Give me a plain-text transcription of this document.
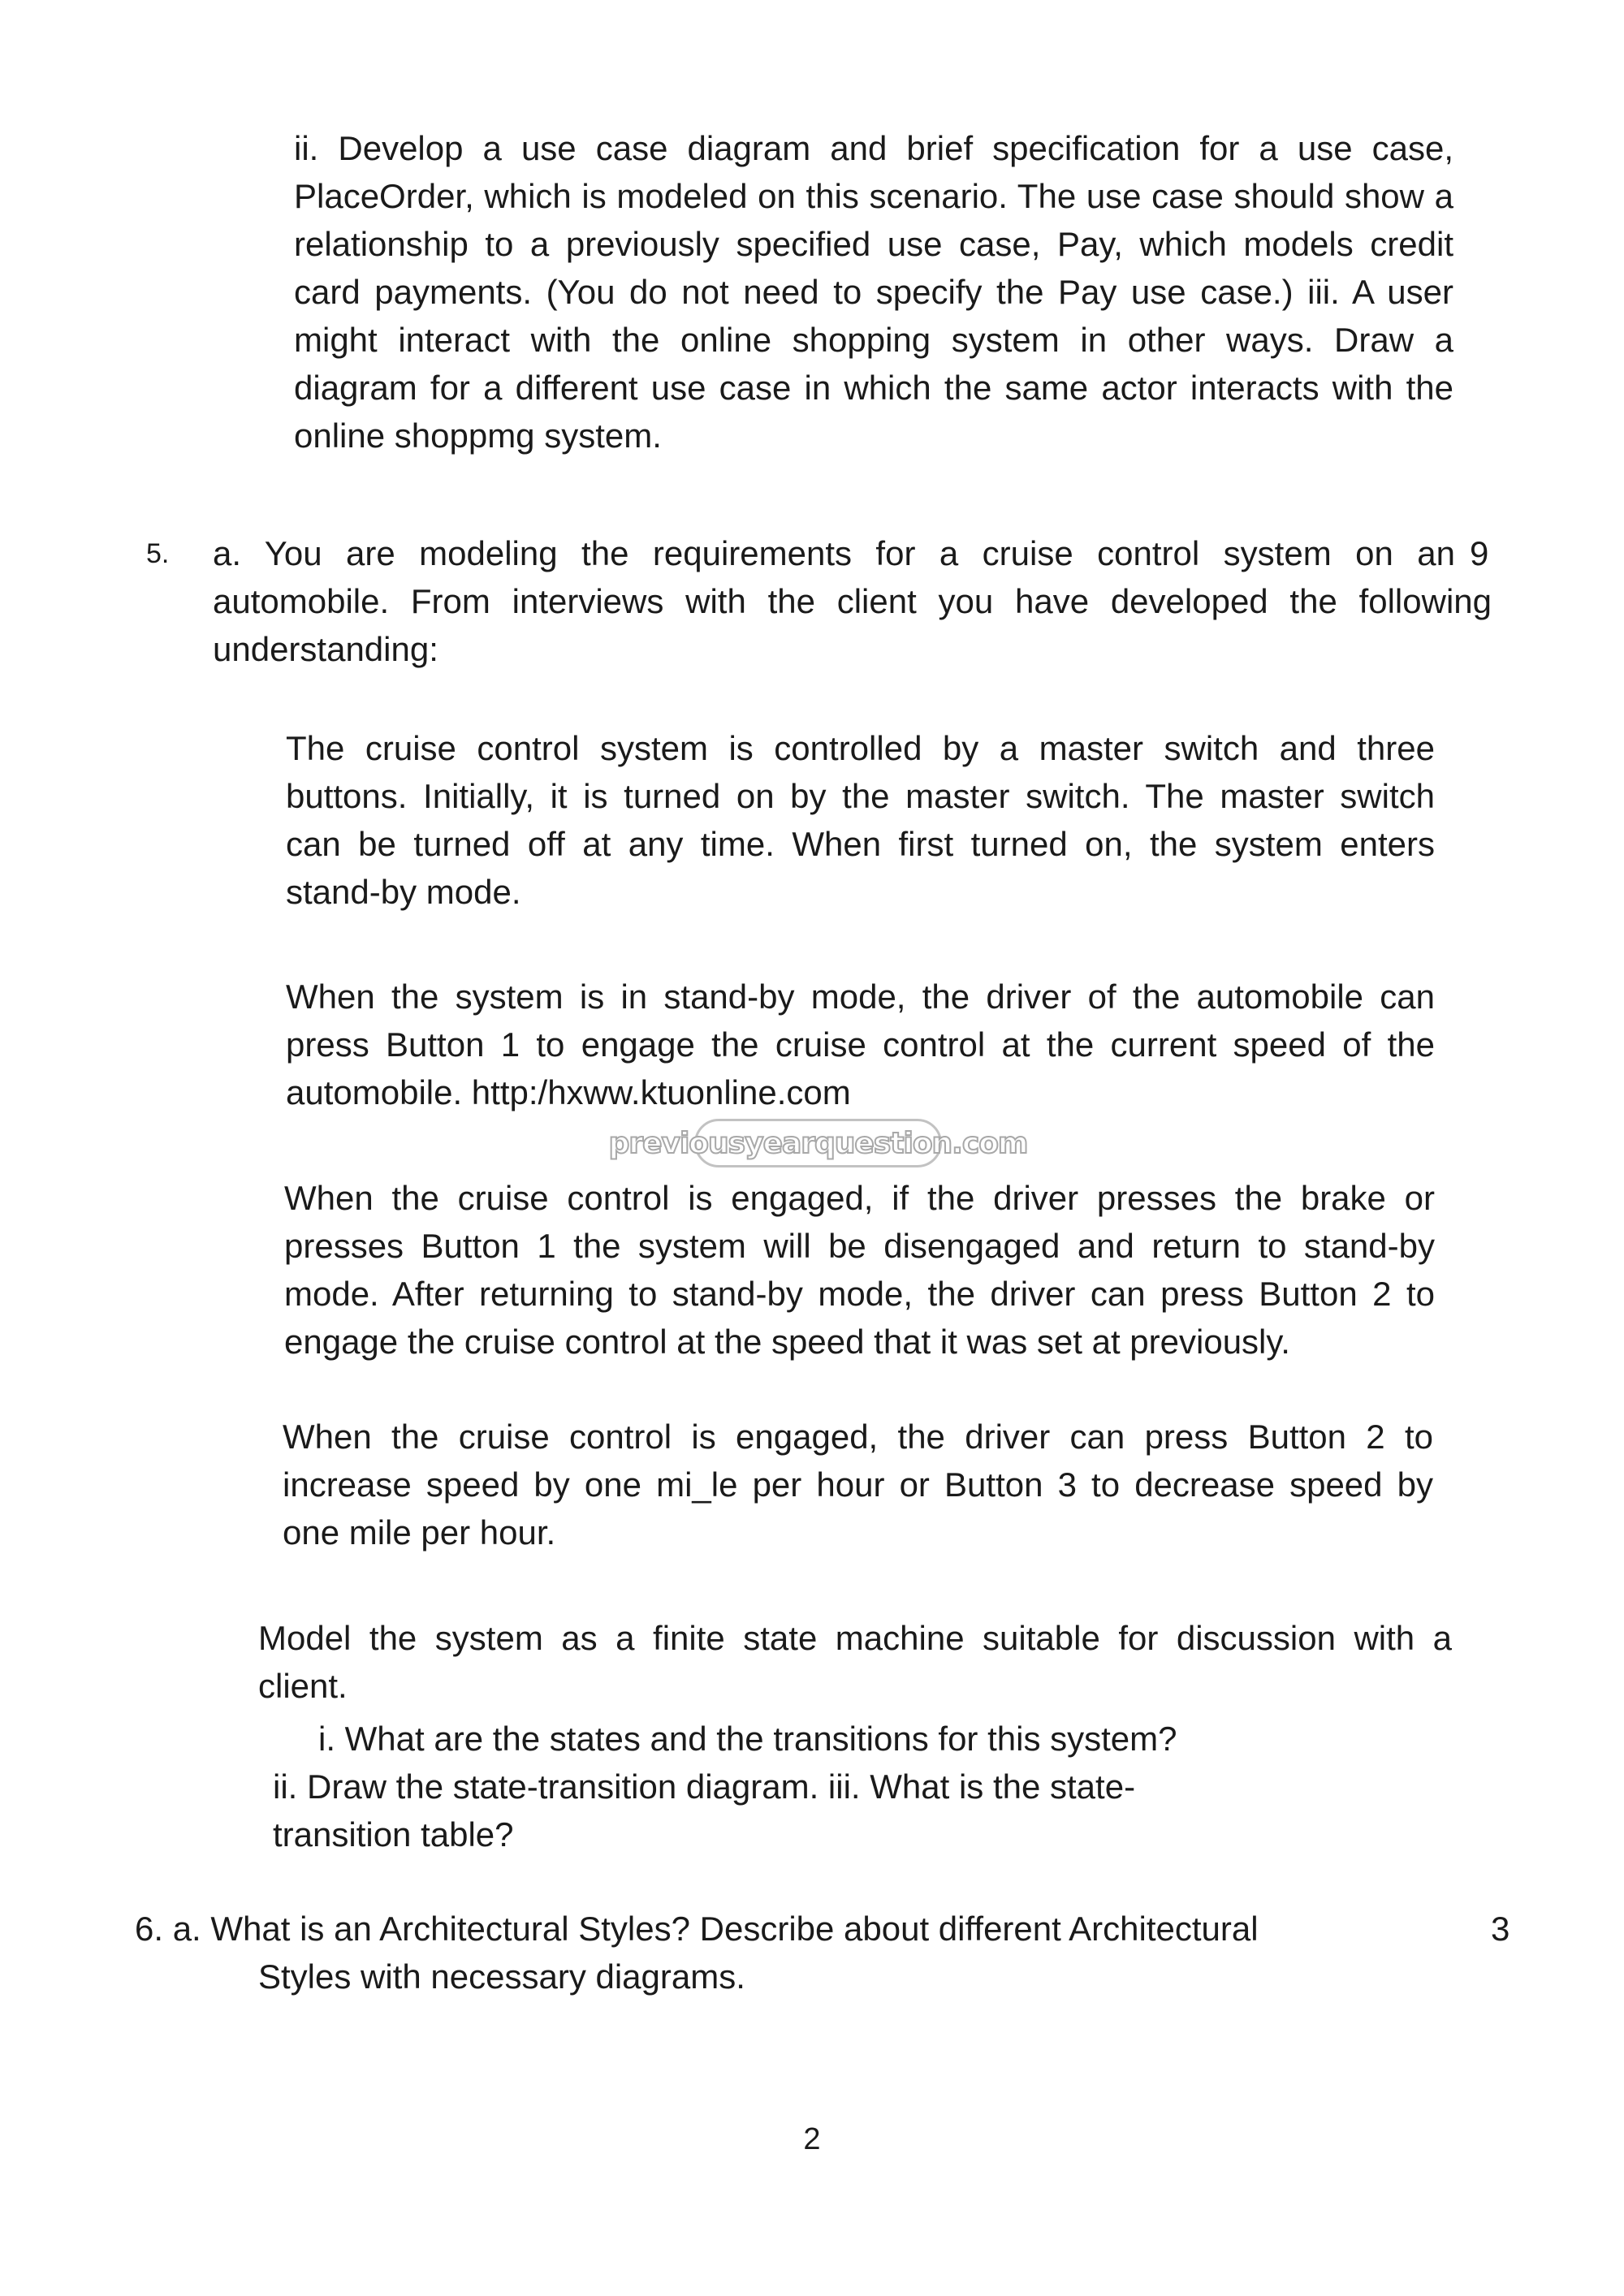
ii. Develop a use case diagram and brief specification for a use case,
PlaceOrder, which is modeled on this scenario. The use case should show a
relationship to a previously specified use case, Pay, which models credit
card payments. (You do not need to specify the Pay use case.) iii. A user
might interact with the online shopping system in other ways. Draw a
diagram for a different use case in which the same actor interacts with the
online shoppmg system.
5.	9
a. You are modeling the requirements for a cruise control system on an
automobile. From interviews with the client you have developed the following
understanding:
The cruise control system is controlled by a master switch and three
buttons. Initially, it is turned on by the master switch. The master switch
can be turned off at any time. When first turned on, the system enters
stand-by mode.
When the system is in stand-by mode, the driver of the automobile can
press Button 1 to engage the cruise control at the current speed of the
automobile. http:/hxww.ktuonline.com
previousyearquestion.com
When the cruise control is engaged, if the driver presses the brake or
presses Button 1 the system will be disengaged and return to stand-by
mode. After returning to stand-by mode, the driver can press Button 2 to
engage the cruise control at the speed that it was set at previously.
When the cruise control is engaged, the driver can press Button 2 to
increase speed by one mi_le per hour or Button 3 to decrease speed by
one mile per hour.
Model the system as a finite state machine suitable for discussion with a
client.
i. What are the states and the transitions for this system?
ii. Draw the state-transition diagram. iii. What is the state-
transition table?
6. a. What is an Architectural Styles? Describe about different Architectural
Styles with necessary diagrams.
3
2
